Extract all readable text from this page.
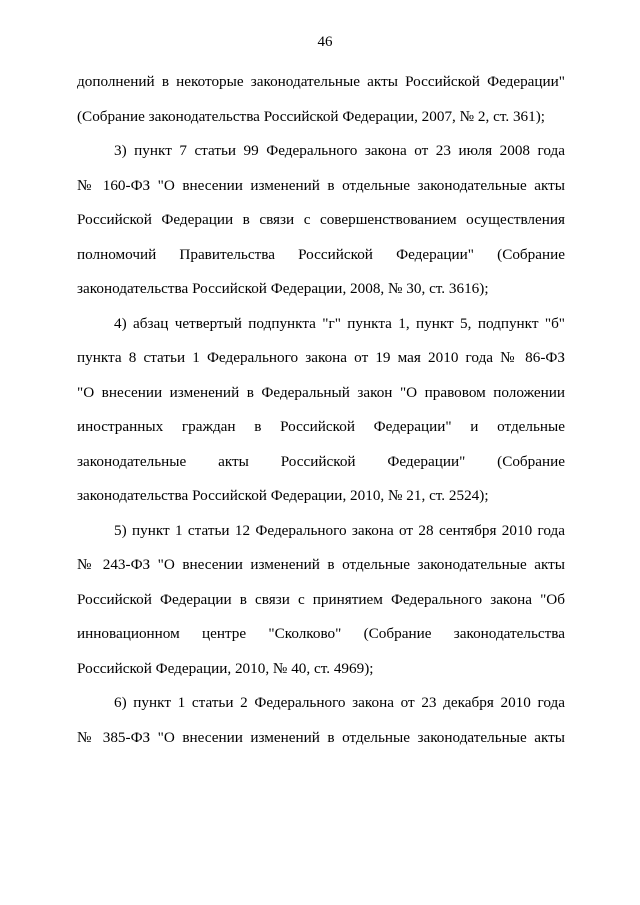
46
дополнений в некоторые законодательные акты Российской Федерации"
(Собрание законодательства Российской Федерации, 2007, № 2, ст. 361);
3) пункт 7 статьи 99 Федерального закона от 23 июля 2008 года
№ 160-ФЗ "О внесении изменений в отдельные законодательные акты
Российской Федерации в связи с совершенствованием осуществления
полномочий Правительства Российской Федерации" (Собрание
законодательства Российской Федерации, 2008, № 30, ст. 3616);
4) абзац четвертый подпункта "г" пункта 1, пункт 5, подпункт "б"
пункта 8 статьи 1 Федерального закона от 19 мая 2010 года № 86-ФЗ
"О внесении изменений в Федеральный закон "О правовом положении
иностранных граждан в Российской Федерации" и отдельные
законодательные акты Российской Федерации" (Собрание
законодательства Российской Федерации, 2010, № 21, ст. 2524);
5) пункт 1 статьи 12 Федерального закона от 28 сентября 2010 года
№ 243-ФЗ "О внесении изменений в отдельные законодательные акты
Российской Федерации в связи с принятием Федерального закона "Об
инновационном центре "Сколково" (Собрание законодательства
Российской Федерации, 2010, № 40, ст. 4969);
6) пункт 1 статьи 2 Федерального закона от 23 декабря 2010 года
№ 385-ФЗ "О внесении изменений в отдельные законодательные акты
